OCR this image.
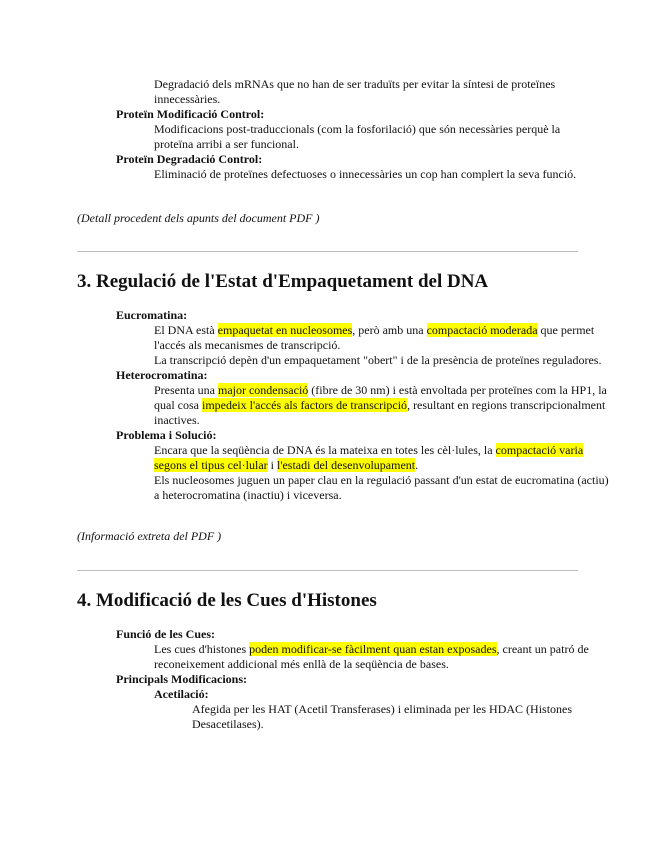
Degradació dels mRNAs que no han de ser traduïts per evitar la síntesi de proteïnes innecessàries.
Proteïn Modificació Control:
Modificacions post-traduccionals (com la fosforilació) que són necessàries perquè la proteïna arribi a ser funcional.
Proteïn Degradació Control:
Eliminació de proteïnes defectuoses o innecessàries un cop han complert la seva funció.
(Detall procedent dels apunts del document PDF )
3. Regulació de l'Estat d'Empaquetament del DNA
Eucromatina:
El DNA està empaquetat en nucleosomes, però amb una compactació moderada que permet l'accés als mecanismes de transcripció.
La transcripció depèn d'un empaquetament "obert" i de la presència de proteïnes reguladores.
Heterocromatina:
Presenta una major condensació (fibre de 30 nm) i està envoltada per proteïnes com la HP1, la qual cosa impedeix l'accés als factors de transcripció, resultant en regions transcripcionalment inactives.
Problema i Solució:
Encara que la seqüència de DNA és la mateixa en totes les cèl·lules, la compactació varia segons el tipus cel·lular i l'estadi del desenvolupament.
Els nucleosomes juguen un paper clau en la regulació passant d'un estat de eucromatina (actiu) a heterocromatina (inactiu) i viceversa.
(Informació extreta del PDF )
4. Modificació de les Cues d'Histones
Funció de les Cues:
Les cues d'histones poden modificar-se fàcilment quan estan exposades, creant un patró de reconeixement addicional més enllà de la seqüència de bases.
Principals Modificacions:
Acetilació:
Afegida per les HAT (Acetil Transferases) i eliminada per les HDAC (Histones Desacetilases).
